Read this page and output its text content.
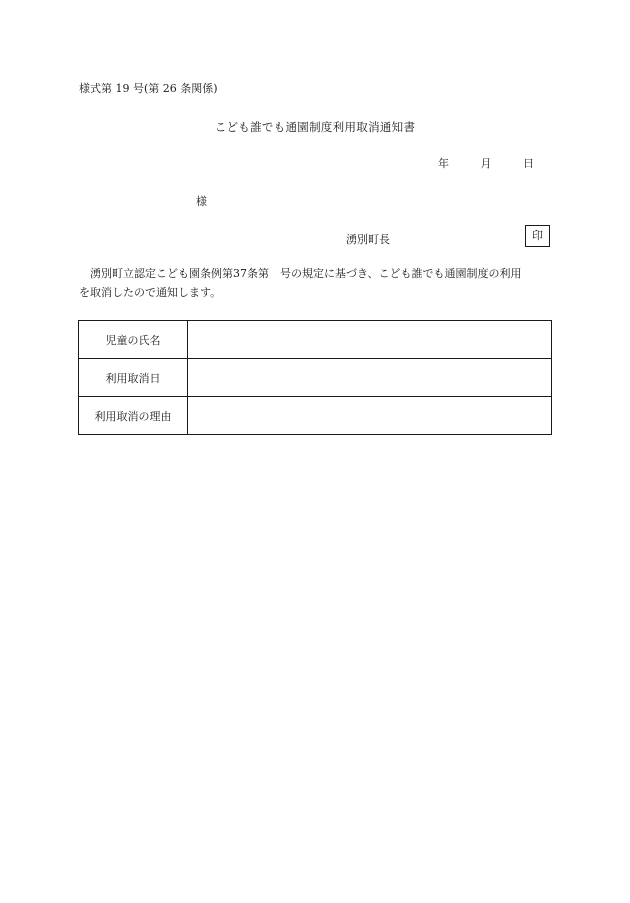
様式第 19 号(第 26 条関係)
こども誰でも通園制度利用取消通知書
年	月	日
様
湧別町長	印

　湧別町立認定こども園条例第37条第　号の規定に基づき、こども誰でも通園制度の利用

を取消したので通知します。

児童の氏名	
利用取消日	
利用取消の理由	
